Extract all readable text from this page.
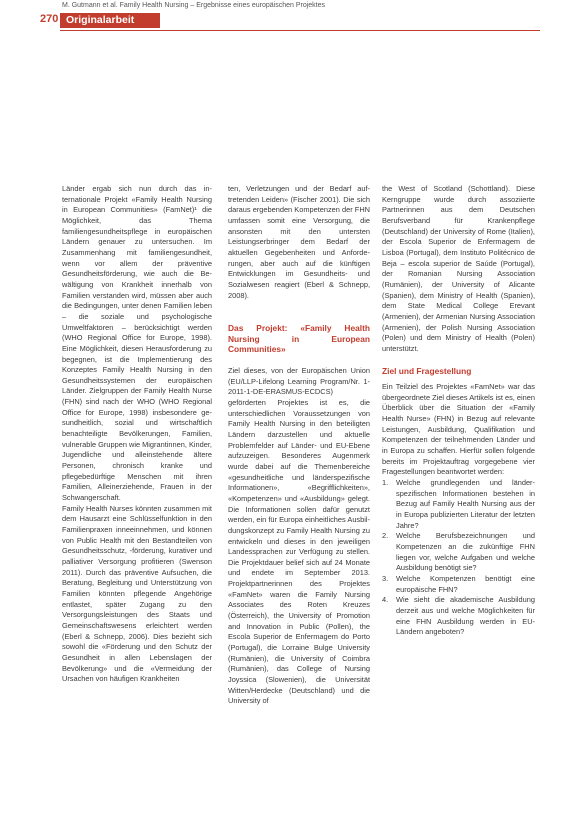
M. Gutmann et al. Family Health Nursing – Ergebnisse eines europäischen Projektes
270 Originalarbeit

Länder ergab sich nun durch das internationale Projekt «Family Health Nursing in European Communities» (FamNet)¹ die Möglichkeit, das Thema familiengesundheitspflege in europäischen Ländern genauer zu untersuchen. Im Zusammenhang mit familiengesundheit, wenn vor allem der präventive Gesundheitsförderung, wie auch die Bewältigung von Krankheit innerhalb von Familien verstanden wird, müssen aber auch die Bedingungen, unter denen Familien leben – die soziale und psychologische Umweltfaktoren – berücksichtigt werden (WHO Regional Office for Europe, 1998). Eine Möglichkeit, diesen Herausforderung zu begegnen, ist die Implementierung des Konzeptes Family Health Nursing in den Gesundheitssystemen der europäischen Länder. Zielgruppen der Family Health Nurse (FHN) sind nach der WHO (WHO Regional Office for Europe, 1998) insbesondere gesundheitlich, sozial und wirtschaftlich benachteiligte Bevölkerungen, Familien, vulnerable Gruppen wie Migrantinnen, Kinder, Jugendliche und alleinstehende ältere Personen, chronisch kranke und pflegebedürftige Menschen mit ihren Familien, Alleinerziehende, Frauen in der Schwangerschaft.

Family Health Nurses könnten zusammen mit dem Hausarzt eine Schlüsselfunktion in den Familienpraxen inneeinnehmen, und können von Public Health mit den Bestandteilen von Gesundheitsschutz, -förderung, kurativer und palliativer Versorgung profitieren (Swenson 2011). Durch das präventive Aufsuchen, die Beratung, Begleitung und Unterstützung von Familien könnten pflegende Angehörige entlastet, später Zugang zu den Versorgungsleistungen des Staats und Gemeinschaftswesens erleichtert werden (Eberl & Schnepp, 2006). Dies bezieht sich sowohl die «Förderung und den Schutz der Gesundheit in allen Lebenslagen der Bevölkerung» und die «Vermeidung der Ursachen von häufigen Krankheiten

ten, Verletzungen und der Bedarf auftretenden Leiden» (Fischer 2001). Die sich daraus ergebenden Kompetenzen der FHN umfassen somit eine Versorgung, die ansonsten mit den untersten Leistungserbringer dem Bedarf der aktuellen Gegebenheiten und Anforderungen, aber auch auf die künftigen Entwicklungen im Gesundheits- und Sozialwesen reagiert (Eberl & Schnepp, 2008).

Das Projekt: «Family Health Nursing in European Communities»

Ziel dieses, von der Europäischen Union (EU/LLP-Lifelong Learning Program/Nr. 1-2011-1-DE-ERASMUS-ECDCS) geförderten Projektes ist es, die unterschiedlichen Voraussetzungen von Family Health Nursing in den beteiligten Ländern darzustellen und aktuelle Problemfelder auf Länder- und EU-Ebene aufzuzeigen. Besonderes Augenmerk wurde dabei auf die Themenbereiche «gesundheitliche und länderspezifische Informationen», «Begrifflichkeiten», «Kompetenzen» und «Ausbildung» gelegt. Die Informationen sollen dafür genutzt werden, ein für Europa einheitliches Ausbildungskonzept zu Family Health Nursing zu entwickeln und dieses in den jeweiligen Landessprachen zur Verfügung zu stellen. Die Projektdauer belief sich auf 24 Monate und endete im September 2013. Projektpartnerinnen des Projektes «FamNet» waren die Family Nursing Associates des Roten Kreuzes (Österreich), the University of Promotion and Innovation in Public (Pollen), the Escola Superior de Enfermagem do Porto (Portugal), die Lorraine Bulge University (Rumänien), die University of Coimbra (Rumänien), das College of Nursing Joyssica (Slowenien), die Universität Witten/Herdecke (Deutschland) und die University of

the West of Scotland (Schottland). Diese Kerngruppe wurde durch assoziierte Partnerinnen aus dem Deutschen Berufsverband für Krankenpflege (Deutschland) der University of Rome (Italien), der Escola Superior de Enfermagem de Lisboa (Portugal), dem Instituto Politécnico de Beja – escola superior de Saúde (Portugal), der Romanian Nursing Association (Rumänien), der University of Alicante (Spanien), dem Ministry of Health (Spanien), dem State Medical College Erevant (Armenien), der Armenian Nursing Association (Armenien), der Polish Nursing Association (Polen) und dem Ministry of Health (Polen) unterstützt.

Ziel und Fragestellung

Ein Teilziel des Projektes «FamNet» war das übergeordnete Ziel dieses Artikels ist es, einen Überblick über die Situation der «Family Health Nurse» (FHN) in Bezug auf relevante Leistungen, Ausbildung, Qualifikation und Kompetenzen der teilnehmenden Länder und in Europa zu schaffen. Hierfür sollen folgende bereits im Projektauftrag vorgegebene vier Fragestellungen beantwortet werden:

1.	Welche grundlegenden und länderspezifischen Informationen bestehen in Bezug auf Family Health Nursing aus der in Europa publizierten Literatur der letzten Jahre?
2.	Welche Berufsbezeichnungen und Kompetenzen an die zukünftige FHN liegen vor, welche Aufgaben und welche Ausbildung benötigt sie?
3.	Welche Kompetenzen benötigt eine europäische FHN?
4.	Wie sieht die akademische Ausbildung derzeit aus und welche Möglichkeiten für eine FHN Ausbildung werden in EU-Ländern angeboten?
